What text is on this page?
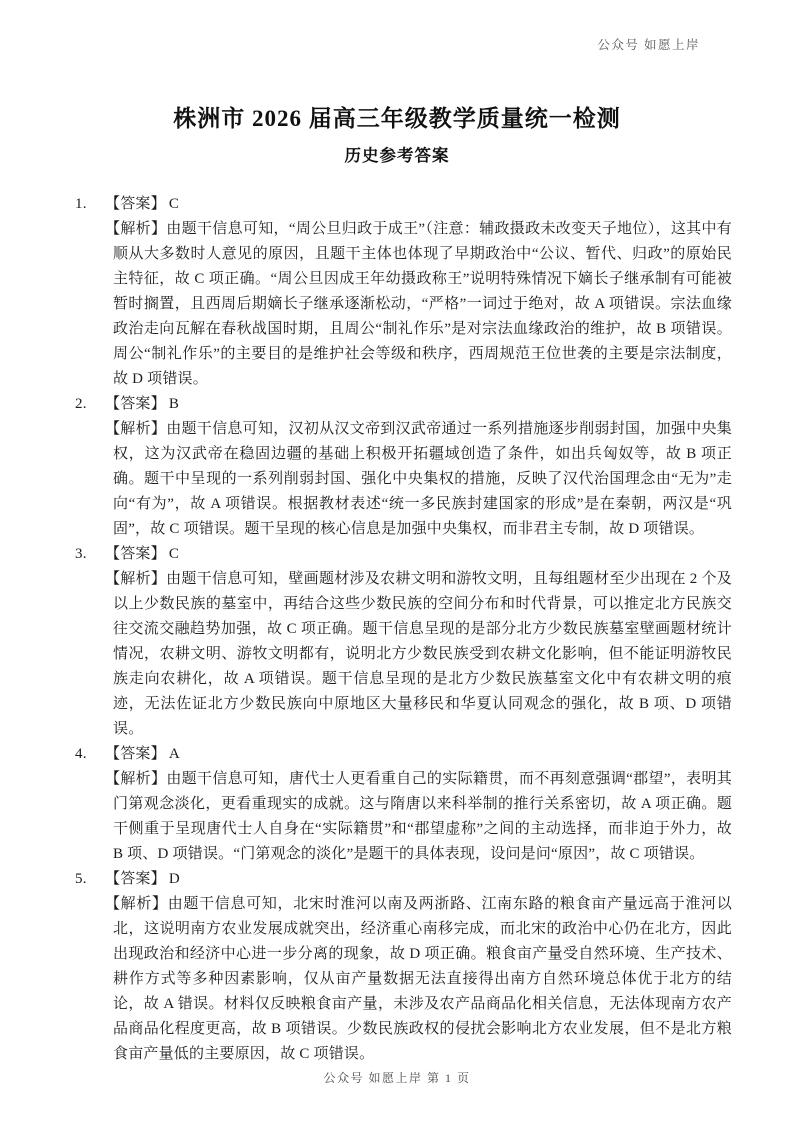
公众号 如愿上岸
株洲市 2026 届高三年级教学质量统一检测
历史参考答案
1.	【答案】 C

【解析】由题干信息可知，“周公旦归政于成王”（注意：辅政摄政未改变天子地位），这其中有顺从大多数时人意见的原因，且题干主体也体现了早期政治中“公议、暂代、归政”的原始民主特征，故 C 项正确。“周公旦因成王年幼摄政称王”说明特殊情况下嫡长子继承制有可能被暂时搁置，且西周后期嫡长子继承逐渐松动，“严格”一词过于绝对，故 A 项错误。宗法血缘政治走向瓦解在春秋战国时期，且周公“制礼作乐”是对宗法血缘政治的维护，故 B 项错误。周公“制礼作乐”的主要目的是维护社会等级和秩序，西周规范王位世袭的主要是宗法制度，故 D 项错误。

2.	【答案】 B

【解析】由题干信息可知，汉初从汉文帝到汉武帝通过一系列措施逐步削弱封国，加强中央集权，这为汉武帝在稳固边疆的基础上积极开拓疆域创造了条件，如出兵匈奴等，故 B 项正确。题干中呈现的一系列削弱封国、强化中央集权的措施，反映了汉代治国理念由“无为”走向“有为”，故 A 项错误。根据教材表述“统一多民族封建国家的形成”是在秦朝，两汉是“巩固”，故 C 项错误。题干呈现的核心信息是加强中央集权，而非君主专制，故 D 项错误。

3.	【答案】 C

【解析】由题干信息可知，壁画题材涉及农耕文明和游牧文明，且每组题材至少出现在 2 个及以上少数民族的墓室中，再结合这些少数民族的空间分布和时代背景，可以推定北方民族交往交流交融趋势加强，故 C 项正确。题干信息呈现的是部分北方少数民族墓室壁画题材统计情况，农耕文明、游牧文明都有，说明北方少数民族受到农耕文化影响，但不能证明游牧民族走向农耕化，故 A 项错误。题干信息呈现的是北方少数民族墓室文化中有农耕文明的痕迹，无法佐证北方少数民族向中原地区大量移民和华夏认同观念的强化，故 B 项、D 项错误。

4.	【答案】 A

【解析】由题干信息可知，唐代士人更看重自己的实际籍贯，而不再刻意强调“郡望”，表明其门第观念淡化，更看重现实的成就。这与隋唐以来科举制的推行关系密切，故 A 项正确。题干侧重于呈现唐代士人自身在“实际籍贯”和“郡望虚称”之间的主动选择，而非迫于外力，故 B 项、D 项错误。“门第观念的淡化”是题干的具体表现，设问是问“原因”，故 C 项错误。

5.	【答案】 D

【解析】由题干信息可知，北宋时淮河以南及两浙路、江南东路的粮食亩产量远高于淮河以北，这说明南方农业发展成就突出，经济重心南移完成，而北宋的政治中心仍在北方，因此出现政治和经济中心进一步分离的现象，故 D 项正确。粮食亩产量受自然环境、生产技术、耕作方式等多种因素影响，仅从亩产量数据无法直接得出南方自然环境总体优于北方的结论，故 A 错误。材料仅反映粮食亩产量，未涉及农产品商品化相关信息，无法体现南方农产品商品化程度更高，故 B 项错误。少数民族政权的侵扰会影响北方农业发展，但不是北方粮食亩产量低的主要原因，故 C 项错误。

公众号 如愿上岸 第 1 页
